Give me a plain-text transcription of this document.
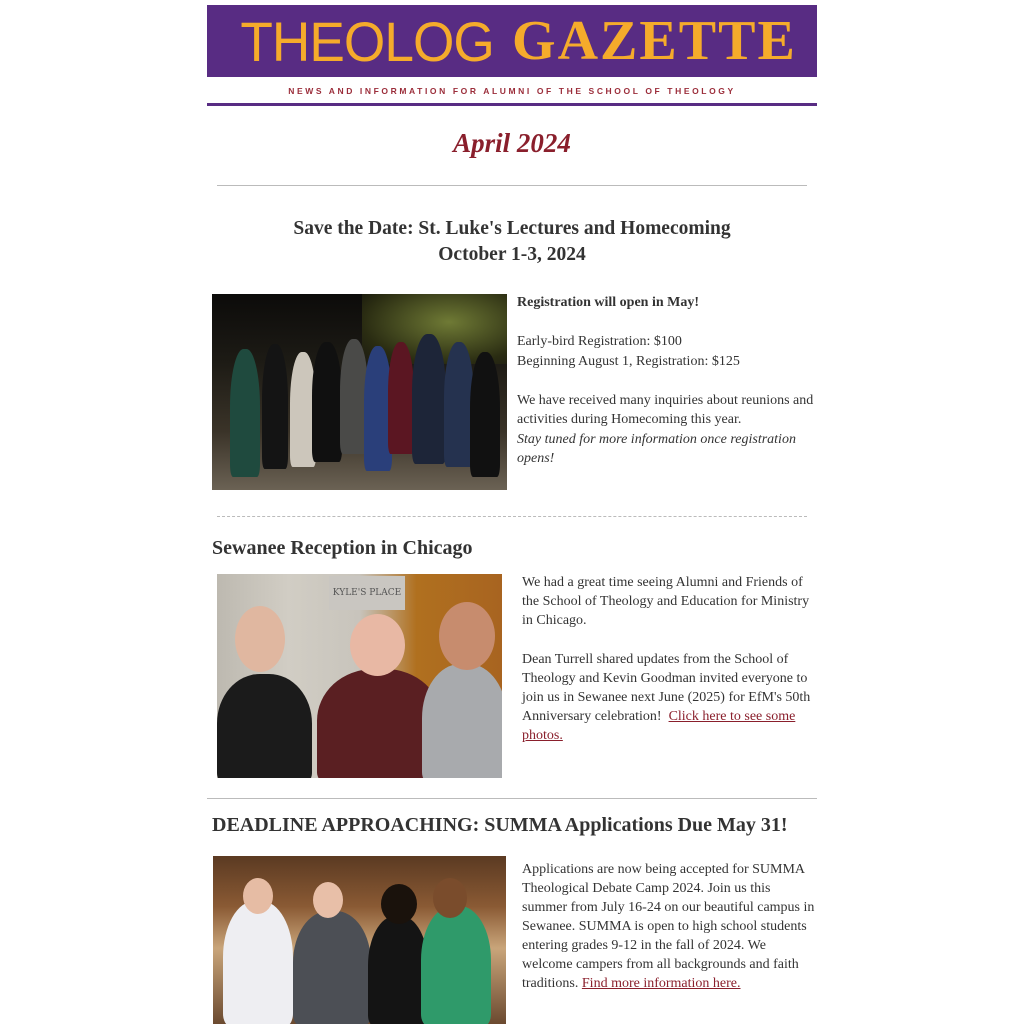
THEOLOG GAZETTE
NEWS AND INFORMATION FOR ALUMNI OF THE SCHOOL OF THEOLOGY
April 2024
Save the Date: St. Luke's Lectures and Homecoming
October 1-3, 2024

Registration will open in May!

Early-bird Registration: $100
Beginning August 1, Registration: $125

We have received many inquiries about reunions and activities during Homecoming this year.
Stay tuned for more information once registration opens!

Sewanee Reception in Chicago
KYLE'S PLACE

We had a great time seeing Alumni and Friends of the School of Theology and Education for Ministry in Chicago.

Dean Turrell shared updates from the School of Theology and Kevin Goodman invited everyone to join us in Sewanee next June (2025) for EfM's 50th Anniversary celebration! Click here to see some photos.

DEADLINE APPROACHING: SUMMA Applications Due May 31!

Applications are now being accepted for SUMMA Theological Debate Camp 2024. Join us this summer from July 16-24 on our beautiful campus in Sewanee. SUMMA is open to high school students entering grades 9-12 in the fall of 2024. We welcome campers from all backgrounds and faith traditions. Find more information here.
